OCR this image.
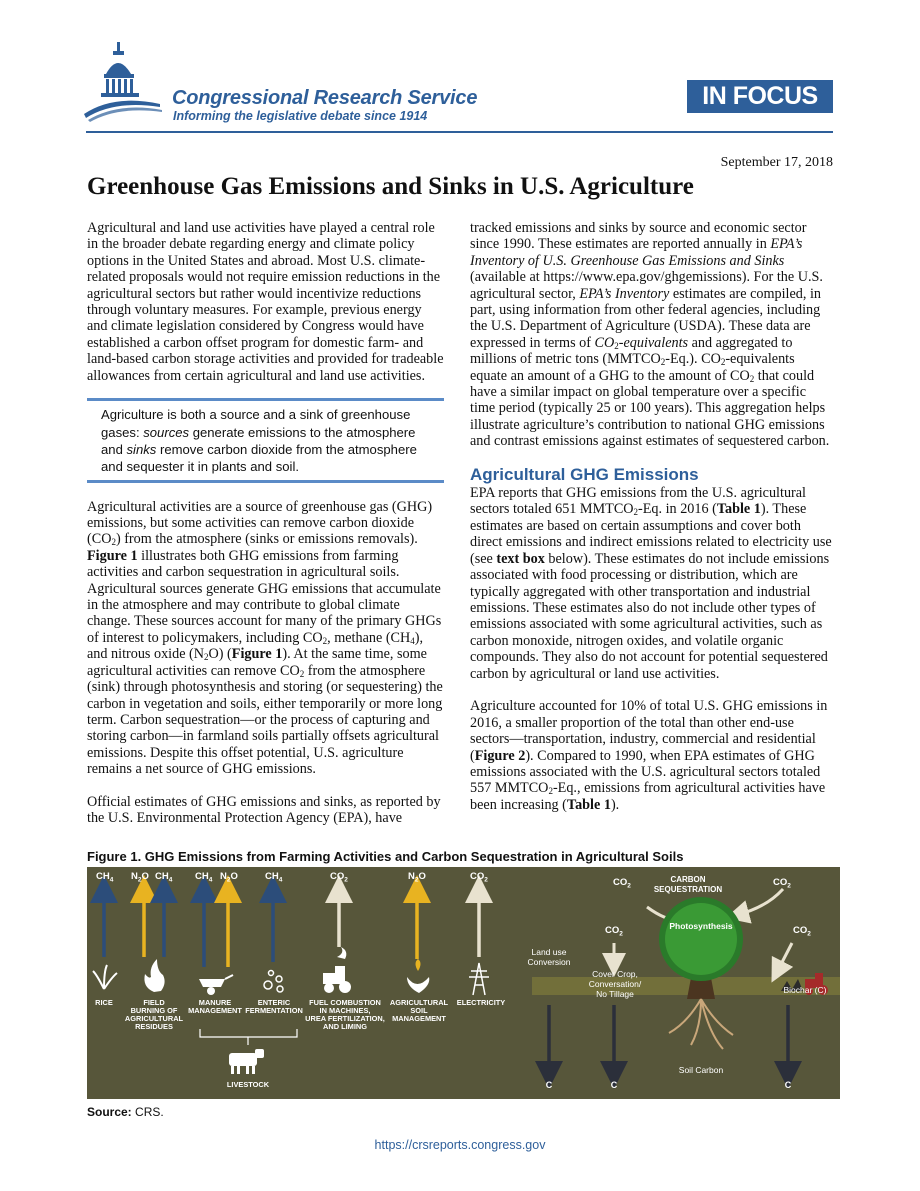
Congressional Research Service
Informing the legislative debate since 1914
IN FOCUS
September 17, 2018
Greenhouse Gas Emissions and Sinks in U.S. Agriculture

Agricultural and land use activities have played a central role in the broader debate regarding energy and climate policy options in the United States and abroad. Most U.S. climate-related proposals would not require emission reductions in the agricultural sectors but rather would incentivize reductions through voluntary measures. For example, previous energy and climate legislation considered by Congress would have established a carbon offset program for domestic farm- and land-based carbon storage activities and provided for tradeable allowances from certain agricultural and land use activities.

Agriculture is both a source and a sink of greenhouse gases: sources generate emissions to the atmosphere and sinks remove carbon dioxide from the atmosphere and sequester it in plants and soil.

Agricultural activities are a source of greenhouse gas (GHG) emissions, but some activities can remove carbon dioxide $(CO_2)$ from the atmosphere (sinks or emissions removals). Figure 1 illustrates both GHG emissions from farming activities and carbon sequestration in agricultural soils. Agricultural sources generate GHG emissions that accumulate in the atmosphere and may contribute to global climate change. These sources account for many of the primary GHGs of interest to policymakers, including $CO_2$, methane $(CH_4)$, and nitrous oxide $(N_2O)$ (Figure 1). At the same time, some agricultural activities can remove $CO_2$ from the atmosphere (sink) through photosynthesis and storing (or sequestering) the carbon in vegetation and soils, either temporarily or more long term. Carbon sequestration—or the process of capturing and storing carbon—in farmland soils partially offsets agricultural emissions. Despite this offset potential, U.S. agriculture remains a net source of GHG emissions.

Official estimates of GHG emissions and sinks, as reported by the U.S. Environmental Protection Agency (EPA), have

tracked emissions and sinks by source and economic sector since 1990. These estimates are reported annually in EPA’s Inventory of U.S. Greenhouse Gas Emissions and Sinks (available at https://www.epa.gov/ghgemissions). For the U.S. agricultural sector, EPA’s Inventory estimates are compiled, in part, using information from other federal agencies, including the U.S. Department of Agriculture (USDA). These data are expressed in terms of $CO_2$-equivalents and aggregated to millions of metric tons $(MMTCO_2-Eq.)$. $CO_2$-equivalents equate an amount of a GHG to the amount of $CO_2$ that could have a similar impact on global temperature over a specific time period (typically 25 or 100 years). This aggregation helps illustrate agriculture’s contribution to national GHG emissions and contrast emissions against estimates of sequestered carbon.

Agricultural GHG Emissions

EPA reports that GHG emissions from the U.S. agricultural sectors totaled 651 $MMTCO_2-Eq$. in 2016 (Table 1). These estimates are based on certain assumptions and cover both direct emissions and indirect emissions related to electricity use (see text box below). These estimates do not include emissions associated with food processing or distribution, which are typically aggregated with other transportation and industrial emissions. These estimates also do not include other types of emissions associated with some agricultural activities, such as carbon monoxide, nitrogen oxides, and volatile organic compounds. They also do not account for potential sequestered carbon by agricultural or land use activities.

Agriculture accounted for 10% of total U.S. GHG emissions in 2016, a smaller proportion of the total than other end-use sectors—transportation, industry, commercial and residential (Figure 2). Compared to 1990, when EPA estimates of GHG emissions associated with the U.S. agricultural sectors totaled 557 $MMTCO_2-Eq$., emissions from agricultural activities have been increasing (Table 1).

Figure 1. GHG Emissions from Farming Activities and Carbon Sequestration in Agricultural Soils
RICE	FIELD
BURNING OF
AGRICULTURAL
RESIDUES
MANURE
MANAGEMENT
ENTERIC
FERMENTATION
FUEL COMBUSTION
IN MACHINES,
UREA FERTILIZATION,
AND LIMING
AGRICULTURAL
SOIL
MANAGEMENT
ELECTRICITY
LIVESTOCK
CARBON
SEQUESTRATION
Photosynthesis
Land use
Conversion
Cover Crop,
Conversation/
No Tillage	Biochar (C)
Soil Carbon
C	C	C
$CH_4$ $N_2O$ $CH_4$ $CH_4$ $N_2O$	$CH_4$	$CO_2$	$N_2O$	$CO_2$	$CO_2$	$CO_2$
$CO_2$	$CO_2$
Source: CRS.
https://crsreports.congress.gov
